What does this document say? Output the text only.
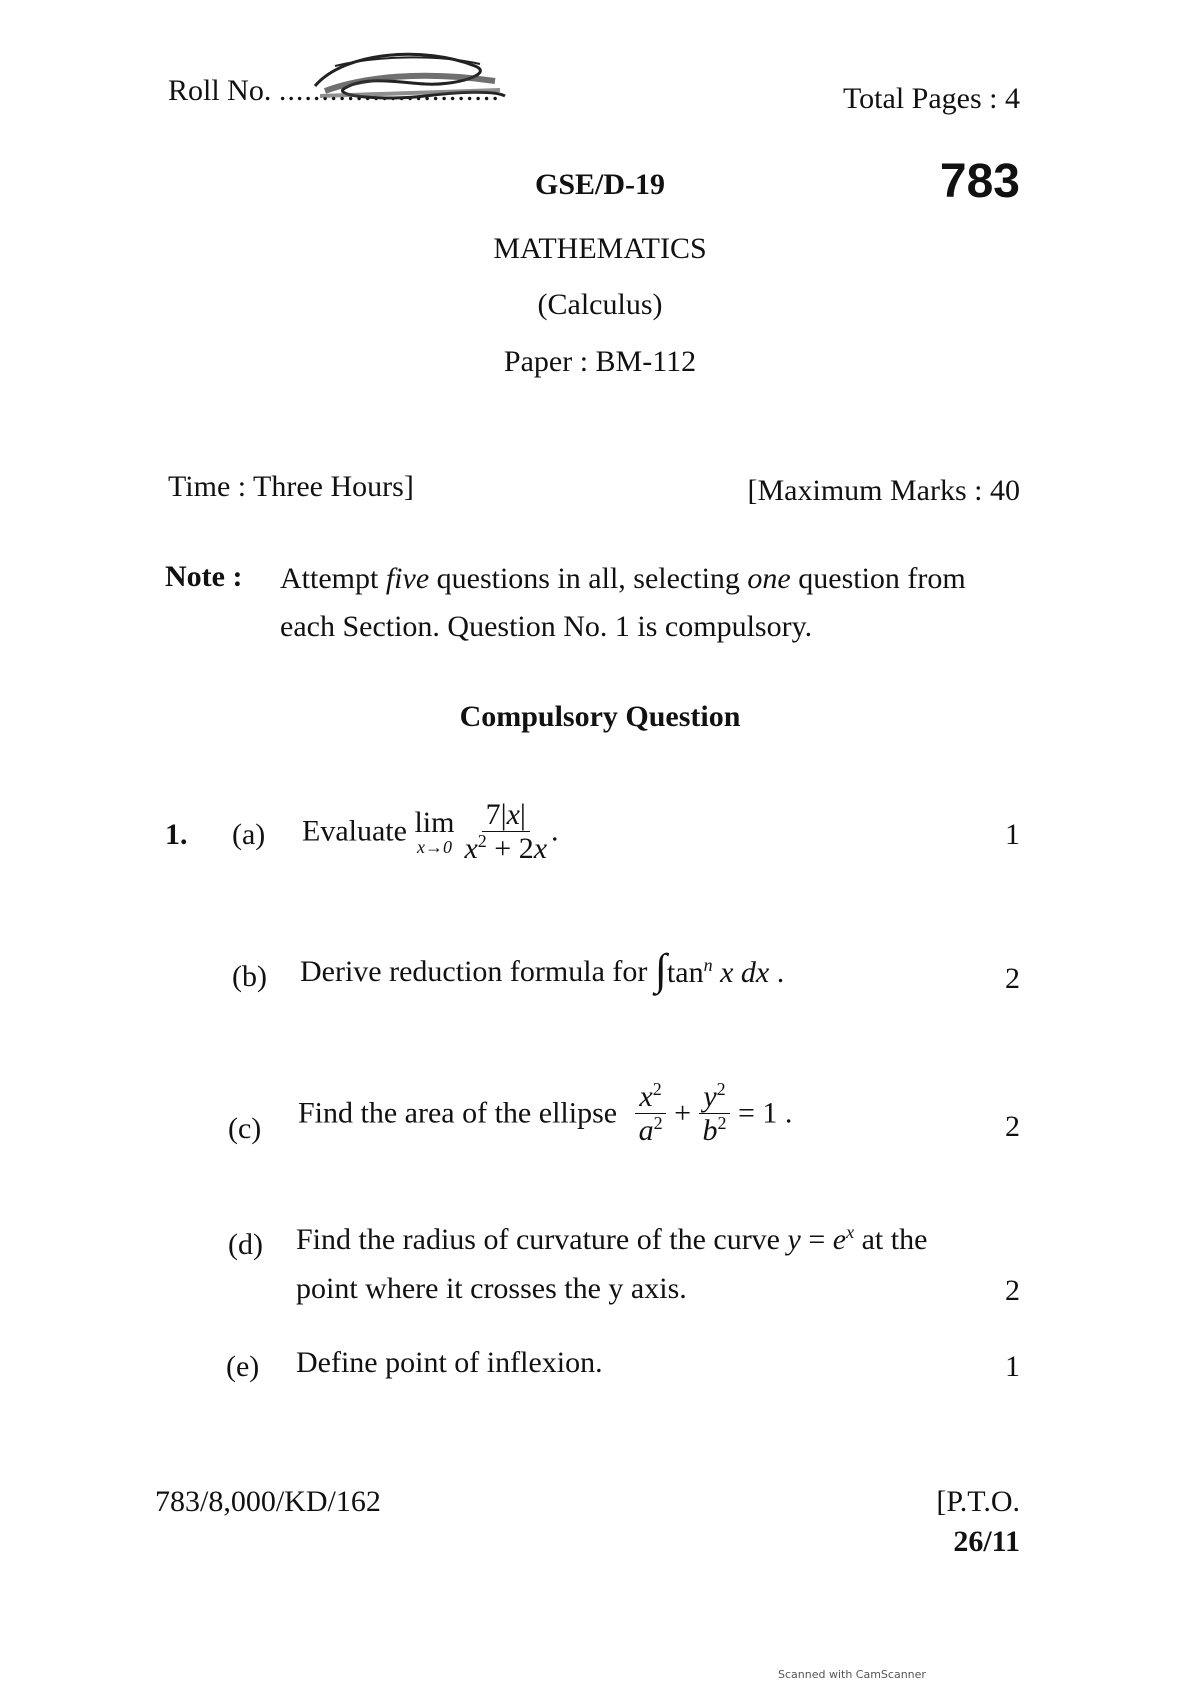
Roll No. ..........................	Total Pages : 4
GSE/D-19	783
MATHEMATICS
(Calculus)
Paper : BM-112
Time : Three Hours]	[Maximum Marks : 40
Note : Attempt five questions in all, selecting one question from
each Section. Question No. 1 is compulsory.
Compulsory Question
1. (a) Evaluate lim
$x\to 0 \frac{7|x|}{x^2 + 2x}$ .	1
(b) Derive reduction formula for $\int\tan^n$ x dx .	2
(c) Find the area of the ellipse $\frac{x^2}{a^2} + \frac{y^2}{b^2} = 1$ .	2
(d) Find the radius of curvature of the curve $y = e^x$ at the
point where it crosses the y axis.	2
(e) Define point of inflexion.	1
783/8,000/KD/162	[P.T.O.
26/11
Scanned with CamScanner
